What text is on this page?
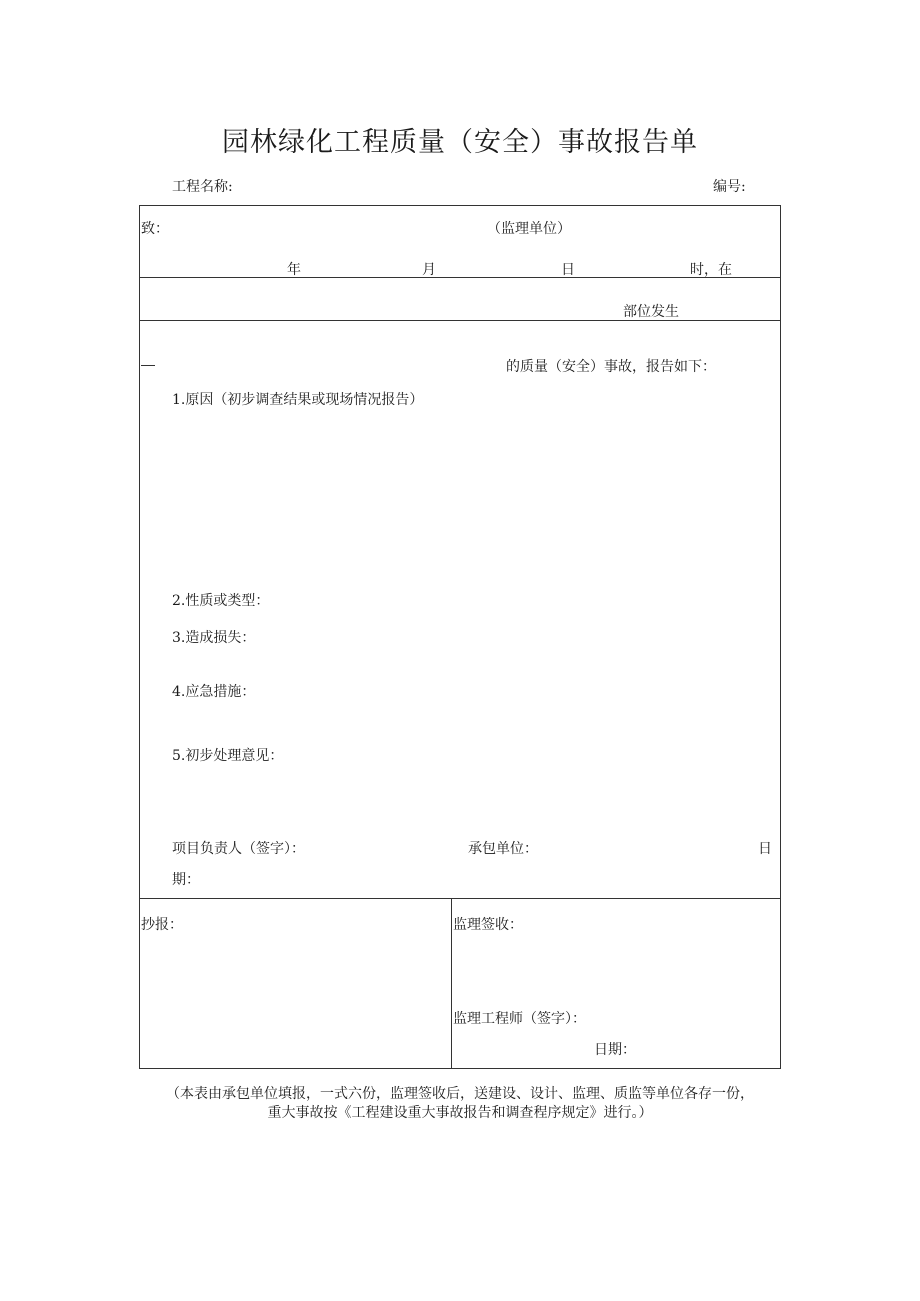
园林绿化工程质量（安全）事故报告单
工程名称:	编号:
致：	（监理单位）
年	月	日	时，在
部位发生
的质量（安全）事故，报告如下：
1.原因（初步调查结果或现场情况报告）
2.性质或类型：
3.造成损失：
4.应急措施：
5.初步处理意见：
项目负责人（签字）：	承包单位：	日
期：
抄报：	监理签收：
监理工程师（签字）：
日期：
（本表由承包单位填报，一式六份，监理签收后，送建设、设计、监理、质监等单位各存一份，
重大事故按《工程建设重大事故报告和调查程序规定》进行。）
